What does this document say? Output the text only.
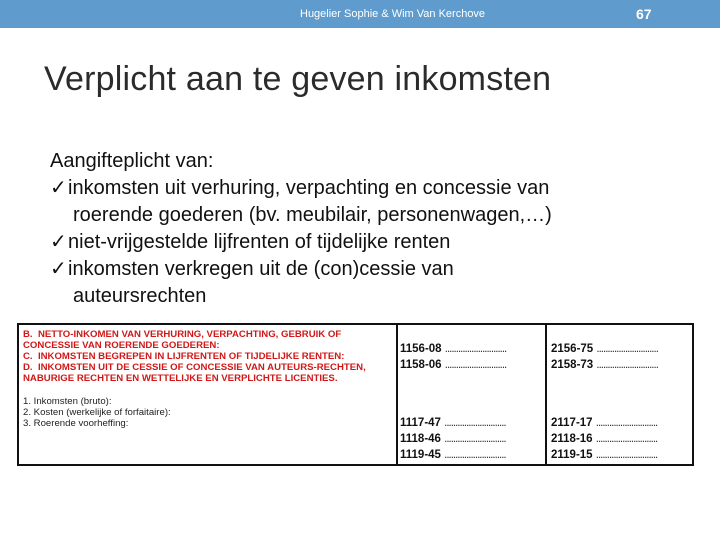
Hugelier Sophie & Wim Van Kerchove	67
Verplicht aan te geven inkomsten
Aangifteplicht van:
✓inkomsten uit verhuring, verpachting en concessie van
roerende goederen (bv. meubilair, personenwagen,…)
✓niet-vrijgestelde lijfrenten of tijdelijke renten
✓inkomsten verkregen uit de (con)cessie van
auteursrechten
B. NETTO-INKOMEN VAN VERHURING, VERPACHTING, GEBRUIK OF CONCESSIE VAN ROERENDE GOEDEREN:
C. INKOMSTEN BEGREPEN IN LIJFRENTEN OF TIJDELIJKE RENTEN:
D. INKOMSTEN UIT DE CESSIE OF CONCESSIE VAN AUTEURS-RECHTEN, NABURIGE RECHTEN EN WETTELIJKE EN VERPLICHTE LICENTIES.
1. Inkomsten (bruto):
2. Kosten (werkelijke of forfaitaire):
3. Roerende voorheffing:
1156-08 ............................
1158-06 ............................
1117-47 ............................
1118-46 ............................
1119-45 ............................
2156-75 ............................
2158-73 ............................
2117-17 ............................
2118-16 ............................
2119-15 ............................
